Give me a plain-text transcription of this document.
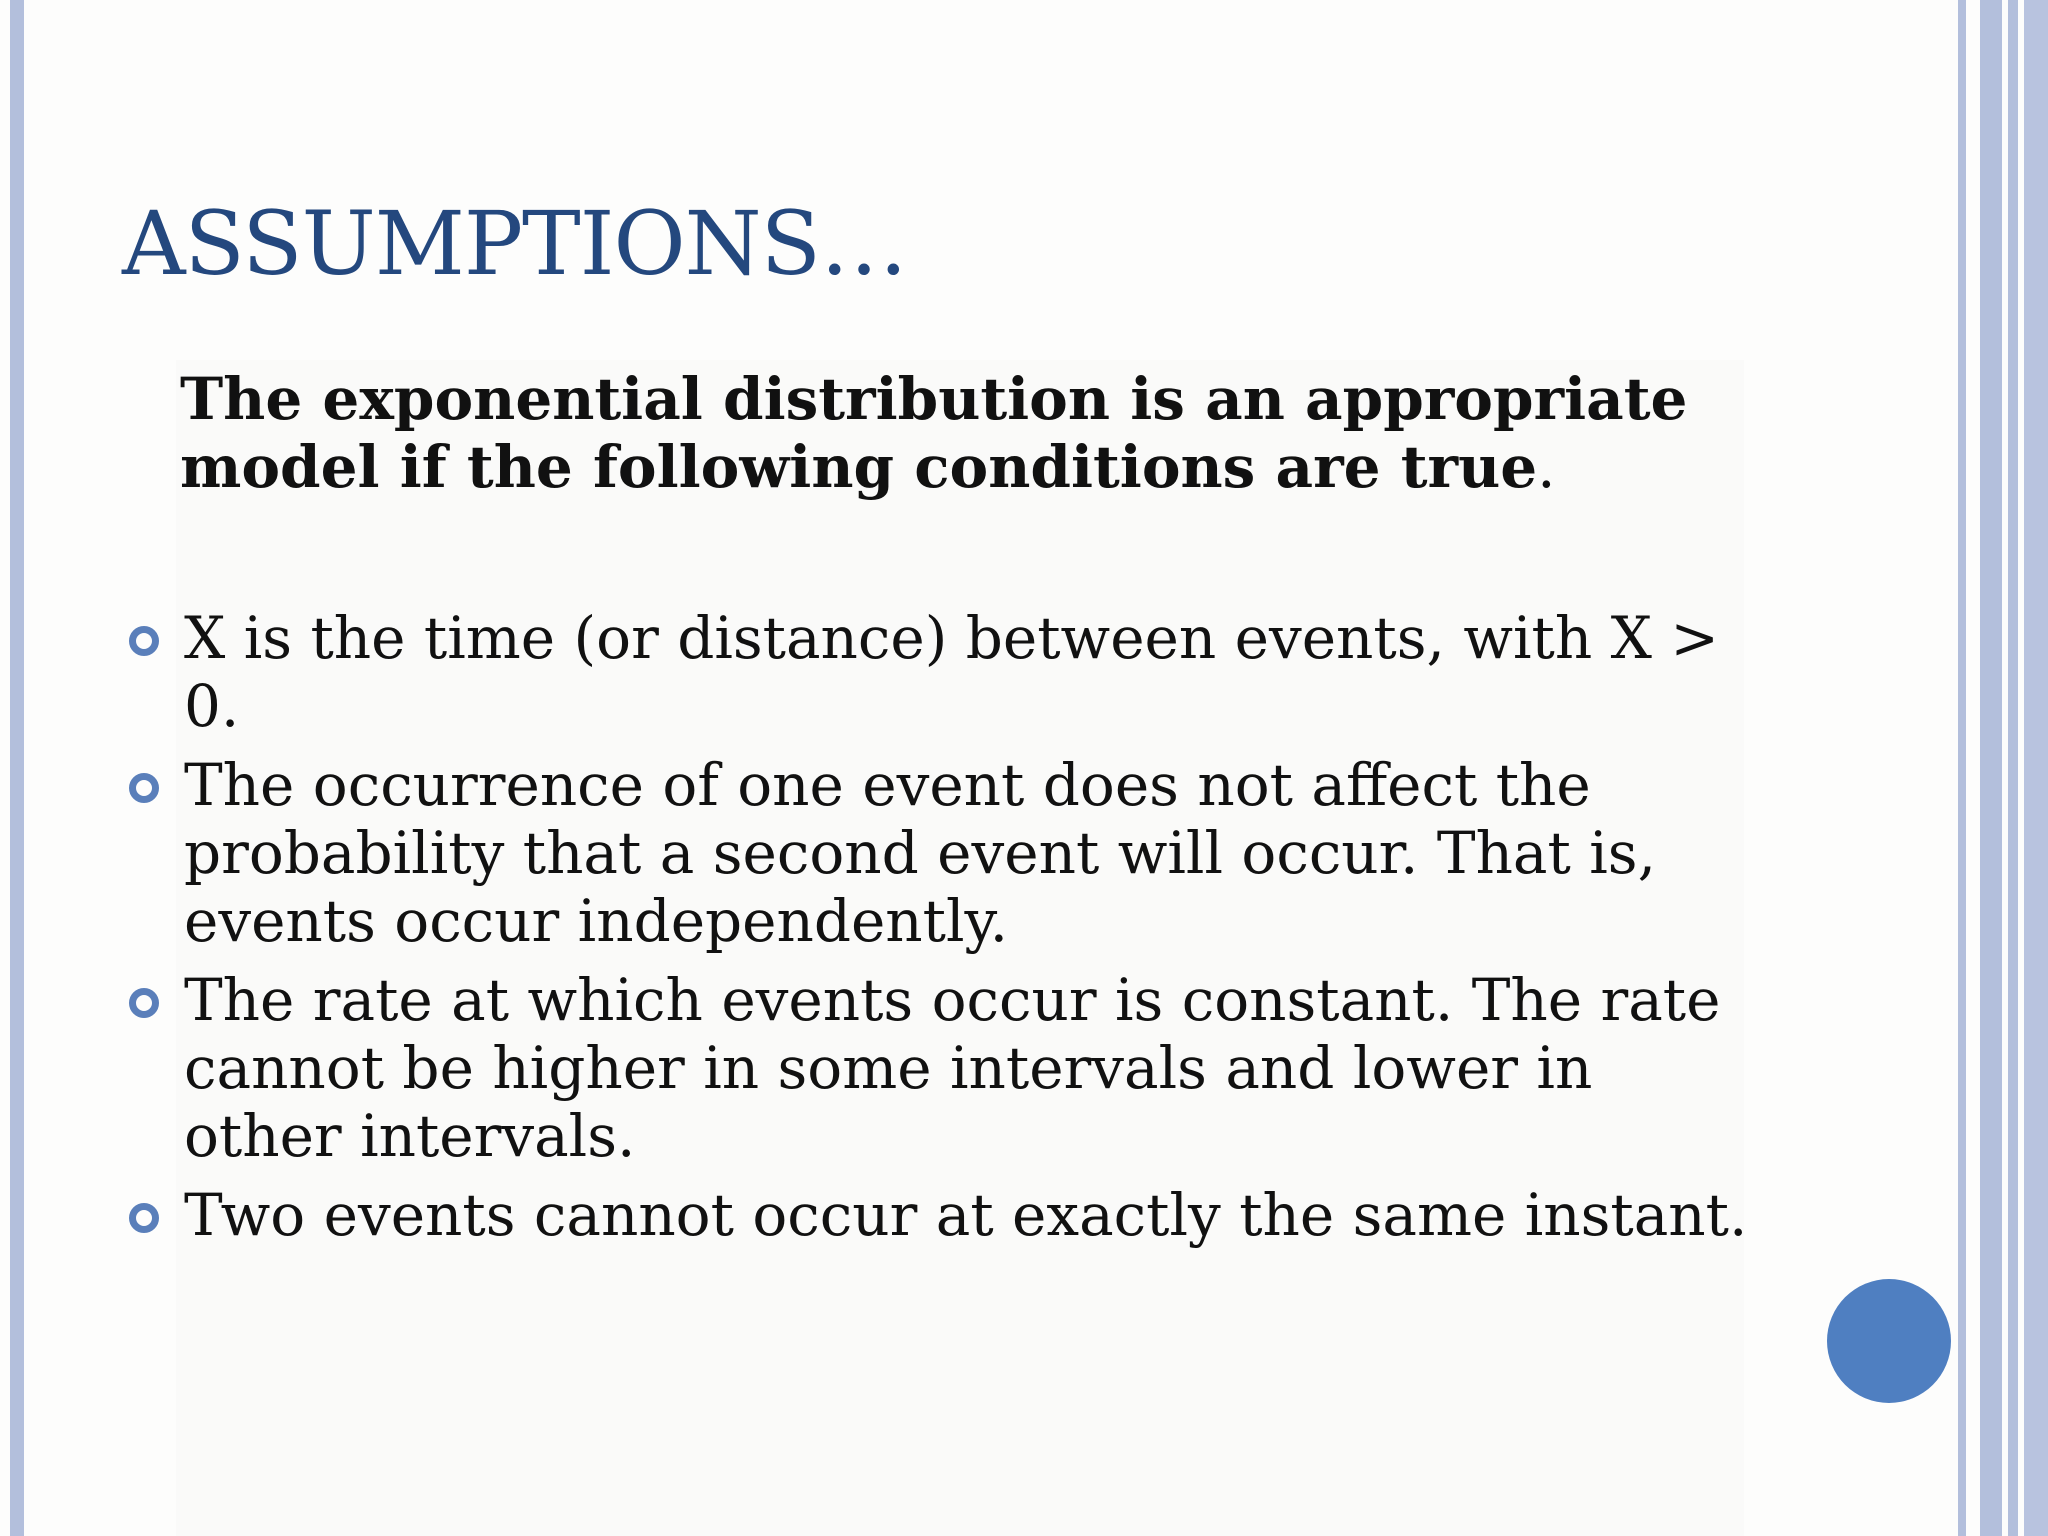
ASSUMPTIONS…

The exponential distribution is an appropriate model if the following conditions are true.

X is the time (or distance) between events, with X > 0.
The occurrence of one event does not affect the probability that a second event will occur. That is, events occur independently.
The rate at which events occur is constant. The rate cannot be higher in some intervals and lower in other intervals.
Two events cannot occur at exactly the same instant.
